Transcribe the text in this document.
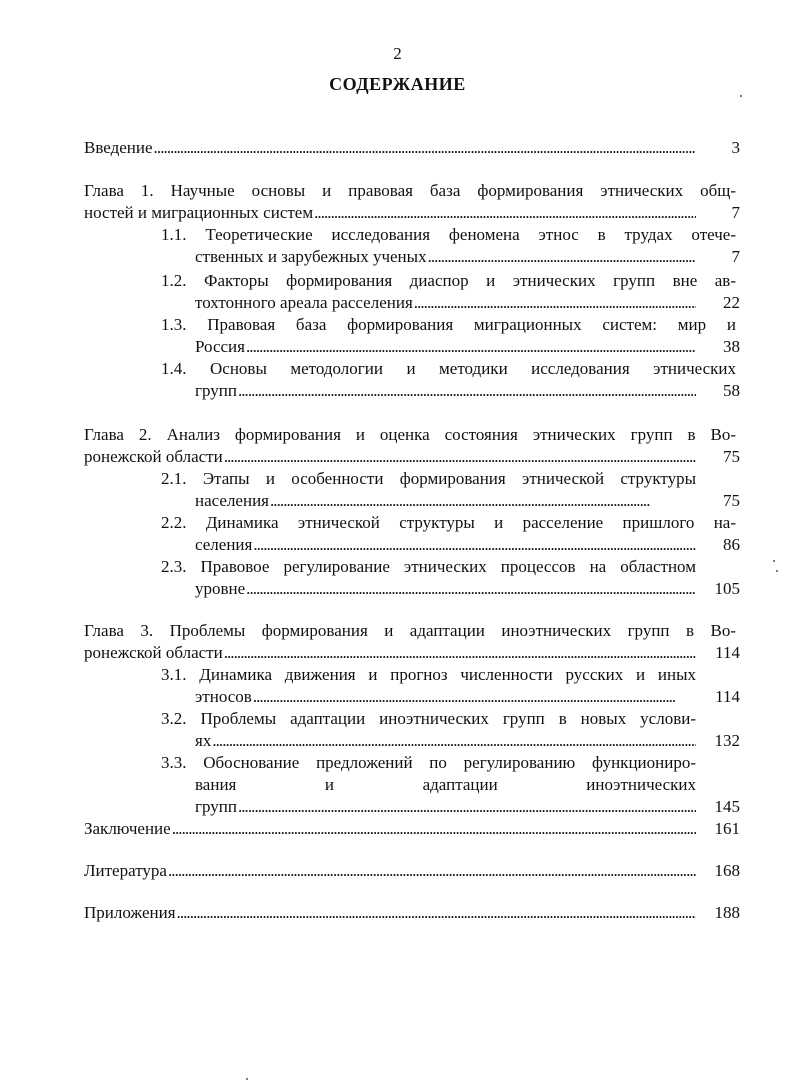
2
СОДЕРЖАНИЕ
Введение . . .	3
Глава 1. Научные основы и правовая база формирования этнических общ-
ностей и миграционных систем . . .	7
1.1. Теоретические исследования феномена этнос в трудах отече-
ственных и зарубежных ученых . . .	7
1.2. Факторы формирования диаспор и этнических групп вне ав-
тохтонного ареала расселения . . .	22
1.3. Правовая база формирования миграционных систем: мир и
Россия . . .	38
1.4. Основы методологии и методики исследования этнических
групп . . .	58
Глава 2. Анализ формирования и оценка состояния этнических групп в Во-
ронежской области . . .	75
2.1. Этапы и особенности формирования этнической структуры
населения . . .	75
2.2. Динамика этнической структуры и расселение пришлого на-
селения . . .	86
2.3. Правовое регулирование этнических процессов на областном
уровне . . .	105
Глава 3. Проблемы формирования и адаптации иноэтнических групп в Во-
ронежской области . . .	114
3.1. Динамика движения и прогноз численности русских и иных
этносов . . .	114
3.2. Проблемы адаптации иноэтнических групп в новых услови-
ях . . .	132
3.3. Обоснование предложений по регулированию функциониро-
вания и адаптации иноэтнических
групп . . .	145
Заключение . . .	161
Литература . . .	168
Приложения . . .	188
